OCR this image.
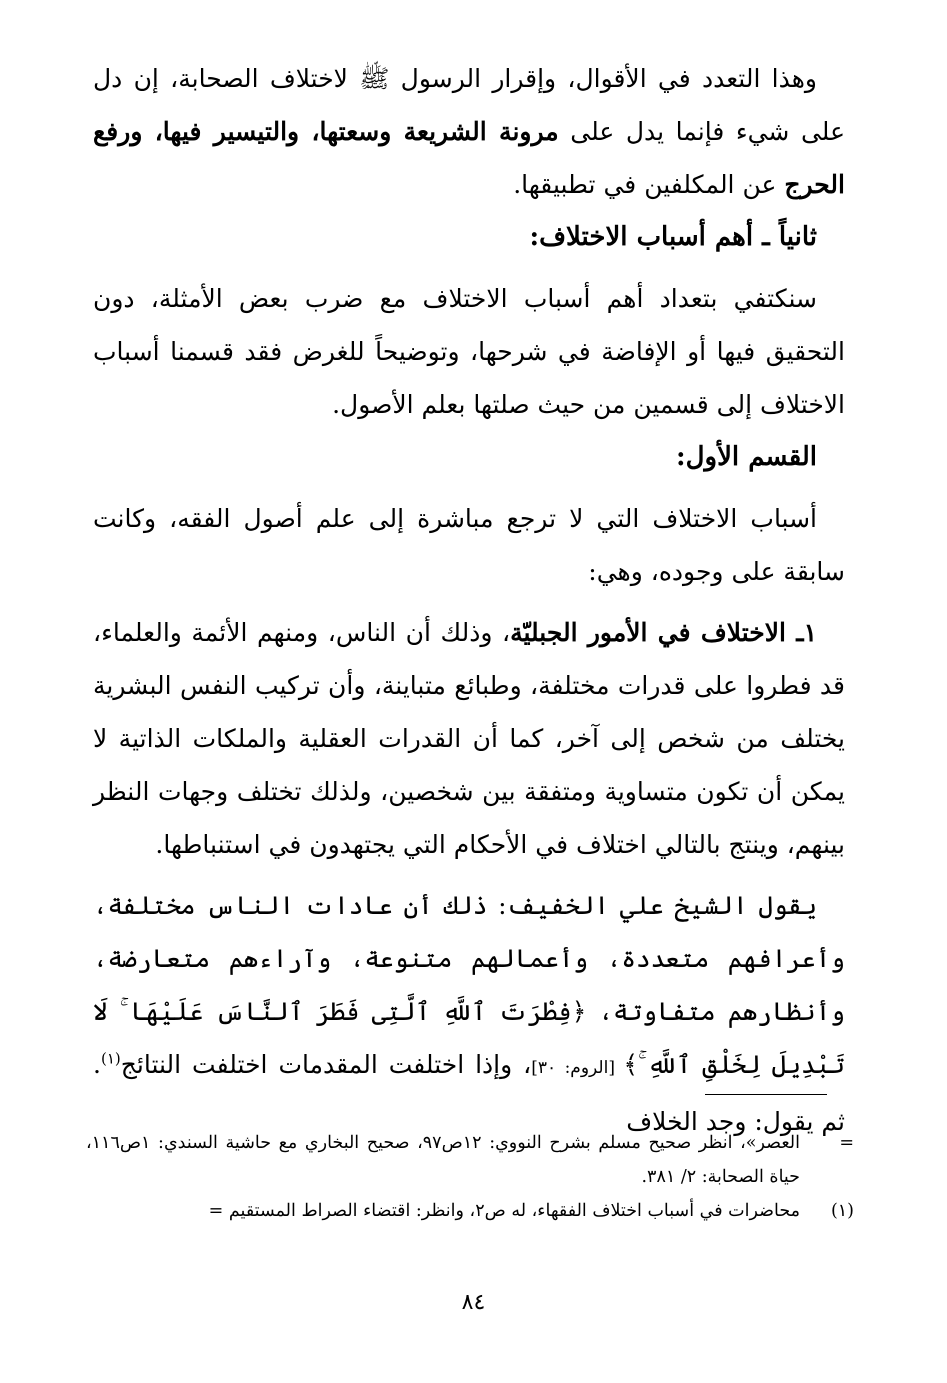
وهذا التعدد في الأقوال، وإقرار الرسول ﷺ لاختلاف الصحابة، إن دل على شيء فإنما يدل على مرونة الشريعة وسعتها، والتيسير فيها، ورفع الحرج عن المكلفين في تطبيقها.

ثانياً ـ أهم أسباب الاختلاف:

سنكتفي بتعداد أهم أسباب الاختلاف مع ضرب بعض الأمثلة، دون التحقيق فيها أو الإفاضة في شرحها، وتوضيحاً للغرض فقد قسمنا أسباب الاختلاف إلى قسمين من حيث صلتها بعلم الأصول.

القسم الأول:

أسباب الاختلاف التي لا ترجع مباشرة إلى علم أصول الفقه، وكانت سابقة على وجوده، وهي:

١ـ الاختلاف في الأمور الجبليّة، وذلك أن الناس، ومنهم الأئمة والعلماء، قد فطروا على قدرات مختلفة، وطبائع متباينة، وأن تركيب النفس البشرية يختلف من شخص إلى آخر، كما أن القدرات العقلية والملكات الذاتية لا يمكن أن تكون متساوية ومتفقة بين شخصين، ولذلك تختلف وجهات النظر بينهم، وينتج بالتالي اختلاف في الأحكام التي يجتهدون في استنباطها.

يقول الشيخ علي الخفيف: ذلك أن عادات الناس مختلفة، وأعرافهم متعددة، وأعمالهم متنوعة، وآراءهم متعارضة، وأنظارهم متفاوتة، ﴿فِطْرَتَ ٱللَّهِ ٱلَّتِى فَطَرَ ٱلنَّاسَ عَلَيْهَا ۚ لَا تَبْدِيلَ لِخَلْقِ ٱللَّهِ ۚ﴾ [الروم: ٣٠]، وإذا اختلفت المقدمات اختلفت النتائج$^{(١)}$. ثم يقول: وجد الخلاف

=
العصر»، انظر صحيح مسلم بشرح النووي: ١٢ص٩٧، صحيح البخاري مع حاشية السندي: ١ص١١٦، حياة الصحابة: ٢/ ٣٨١.

(١)
محاضرات في أسباب اختلاف الفقهاء، له ص٢، وانظر: اقتضاء الصراط المستقيم =

٨٤
